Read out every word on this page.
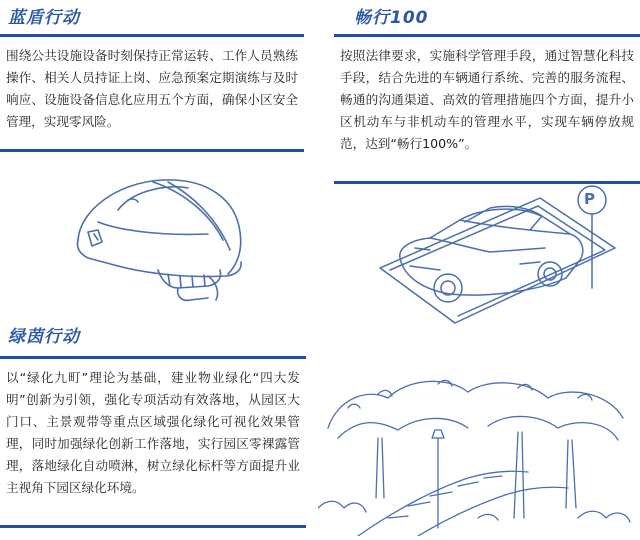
蓝盾行动
围绕公共设施设备时刻保持正常运转、工作人员熟练操作、相关人员持证上岗、应急预案定期演练与及时响应、设施设备信息化应用五个方面，确保小区安全管理，实现零风险。
畅行100
按照法律要求，实施科学管理手段，通过智慧化科技手段，结合先进的车辆通行系统、完善的服务流程、畅通的沟通渠道、高效的管理措施四个方面，提升小区机动车与非机动车的管理水平，实现车辆停放规范，达到“畅行100%”。
P
绿茵行动
以“绿化九町”理论为基础，建业物业绿化“四大发明”创新为引领，强化专项活动有效落地，从园区大门口、主景观带等重点区域强化绿化可视化效果管理，同时加强绿化创新工作落地，实行园区零裸露管理，落地绿化自动喷淋，树立绿化标杆等方面提升业主视角下园区绿化环境。
